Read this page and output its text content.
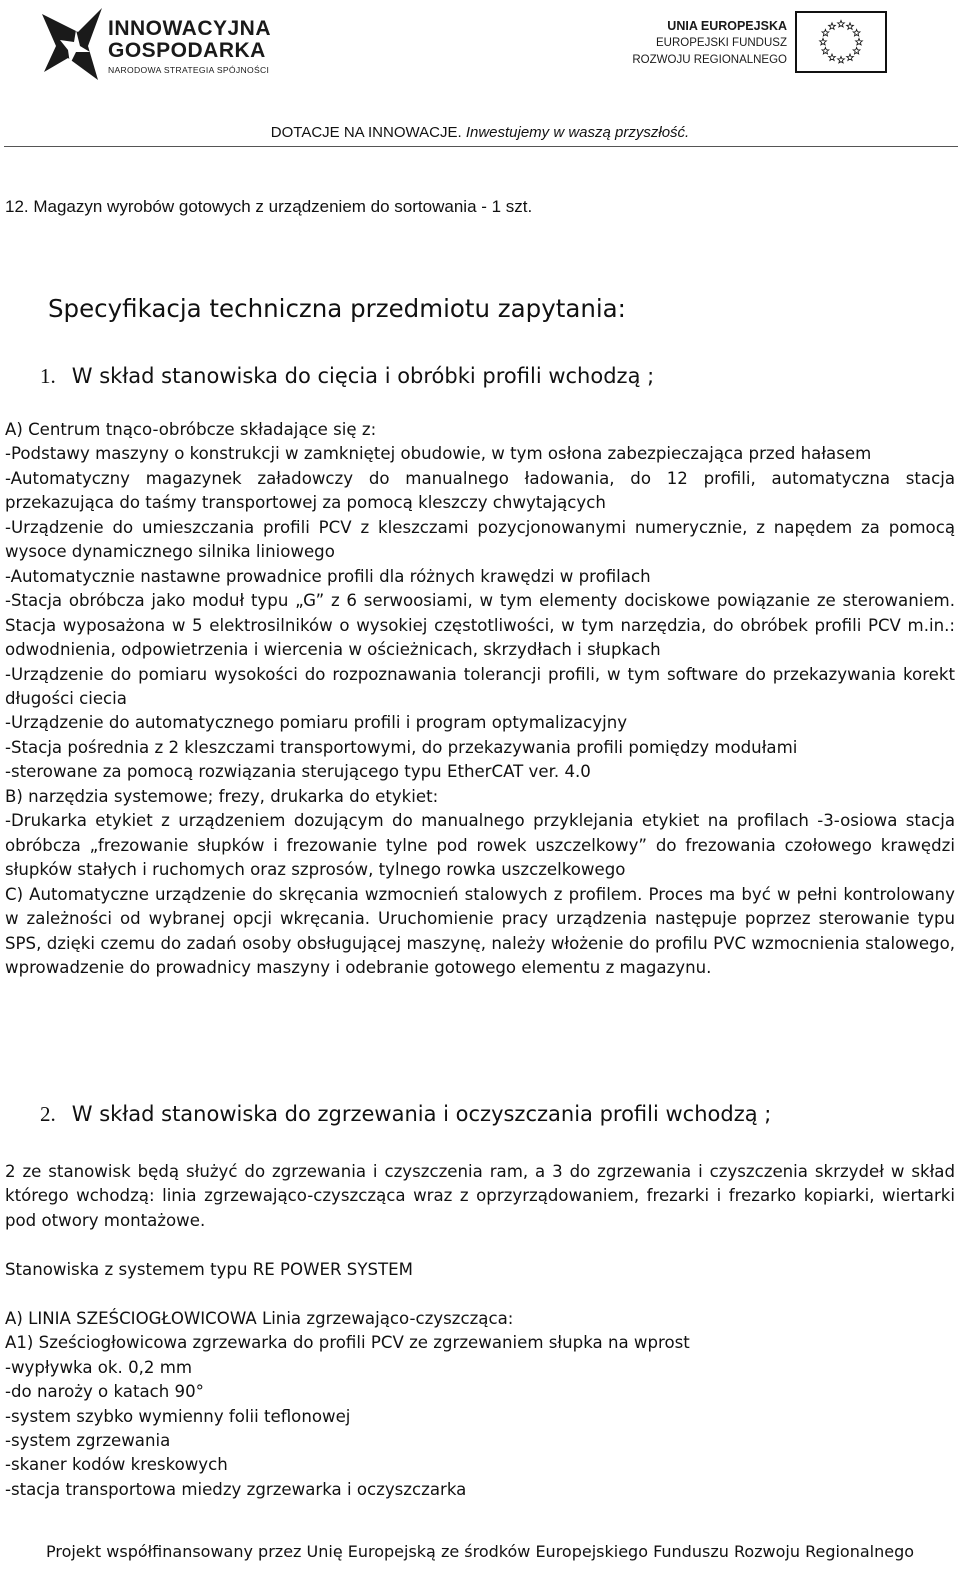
INNOWACYJNA
GOSPODARKA
NARODOWA STRATEGIA SPÓJNOŚCI
UNIA EUROPEJSKA
EUROPEJSKI FUNDUSZ
ROZWOJU REGIONALNEGO
DOTACJE NA INNOWACJE. Inwestujemy w waszą przyszłość.
12. Magazyn wyrobów gotowych z urządzeniem do sortowania - 1 szt.
Specyfikacja techniczna przedmiotu zapytania:
1. W skład stanowiska do cięcia i obróbki profili wchodzą ;

A) Centrum tnąco-obróbcze składające się z:

-Podstawy maszyny o konstrukcji w zamkniętej obudowie, w tym osłona zabezpieczająca przed hałasem

-Automatyczny magazynek załadowczy do manualnego ładowania, do 12 profili, automatyczna stacja przekazująca do taśmy transportowej za pomocą kleszczy chwytających

-Urządzenie do umieszczania profili PCV z kleszczami pozycjonowanymi numerycznie, z napędem za pomocą wysoce dynamicznego silnika liniowego

-Automatycznie nastawne prowadnice profili dla różnych krawędzi w profilach

-Stacja obróbcza jako moduł typu „G” z 6 serwoosiami, w tym elementy dociskowe powiązanie ze sterowaniem. Stacja wyposażona w 5 elektrosilników o wysokiej częstotliwości, w tym narzędzia, do obróbek profili PCV m.in.: odwodnienia, odpowietrzenia i wiercenia w ościeżnicach, skrzydłach i słupkach

-Urządzenie do pomiaru wysokości do rozpoznawania tolerancji profili, w tym software do przekazywania korekt długości ciecia

-Urządzenie do automatycznego pomiaru profili i program optymalizacyjny

-Stacja pośrednia z 2 kleszczami transportowymi, do przekazywania profili pomiędzy modułami

-sterowane za pomocą rozwiązania sterującego typu EtherCAT ver. 4.0

B) narzędzia systemowe; frezy, drukarka do etykiet:

-Drukarka etykiet z urządzeniem dozującym do manualnego przyklejania etykiet na profilach -3-osiowa stacja obróbcza „frezowanie słupków i frezowanie tylne pod rowek uszczelkowy” do frezowania czołowego krawędzi słupków stałych i ruchomych oraz szprosów, tylnego rowka uszczelkowego

C) Automatyczne urządzenie do skręcania wzmocnień stalowych z profilem. Proces ma być w pełni kontrolowany w zależności od wybranej opcji wkręcania. Uruchomienie pracy urządzenia następuje poprzez sterowanie typu SPS, dzięki czemu do zadań osoby obsługującej maszynę, należy włożenie do profilu PVC wzmocnienia stalowego, wprowadzenie do prowadnicy maszyny i odebranie gotowego elementu z magazynu.

2. W skład stanowiska do zgrzewania i oczyszczania profili wchodzą ;

2 ze stanowisk będą służyć do zgrzewania i czyszczenia ram, a 3 do zgrzewania i czyszczenia skrzydeł w skład którego wchodzą: linia zgrzewająco-czyszcząca wraz z oprzyrządowaniem, frezarki i frezarko kopiarki, wiertarki pod otwory montażowe.

Stanowiska z systemem typu RE POWER SYSTEM

A) LINIA SZEŚCIOGŁOWICOWA Linia zgrzewająco-czyszcząca:

A1) Sześciogłowicowa zgrzewarka do profili PCV ze zgrzewaniem słupka na wprost

-wypływka ok. 0,2 mm

-do naroży o katach 90°

-system szybko wymienny folii teflonowej

-system zgrzewania

-skaner kodów kreskowych

-stacja transportowa miedzy zgrzewarka i oczyszczarka

Projekt współfinansowany przez Unię Europejską ze środków Europejskiego Funduszu Rozwoju Regionalnego
